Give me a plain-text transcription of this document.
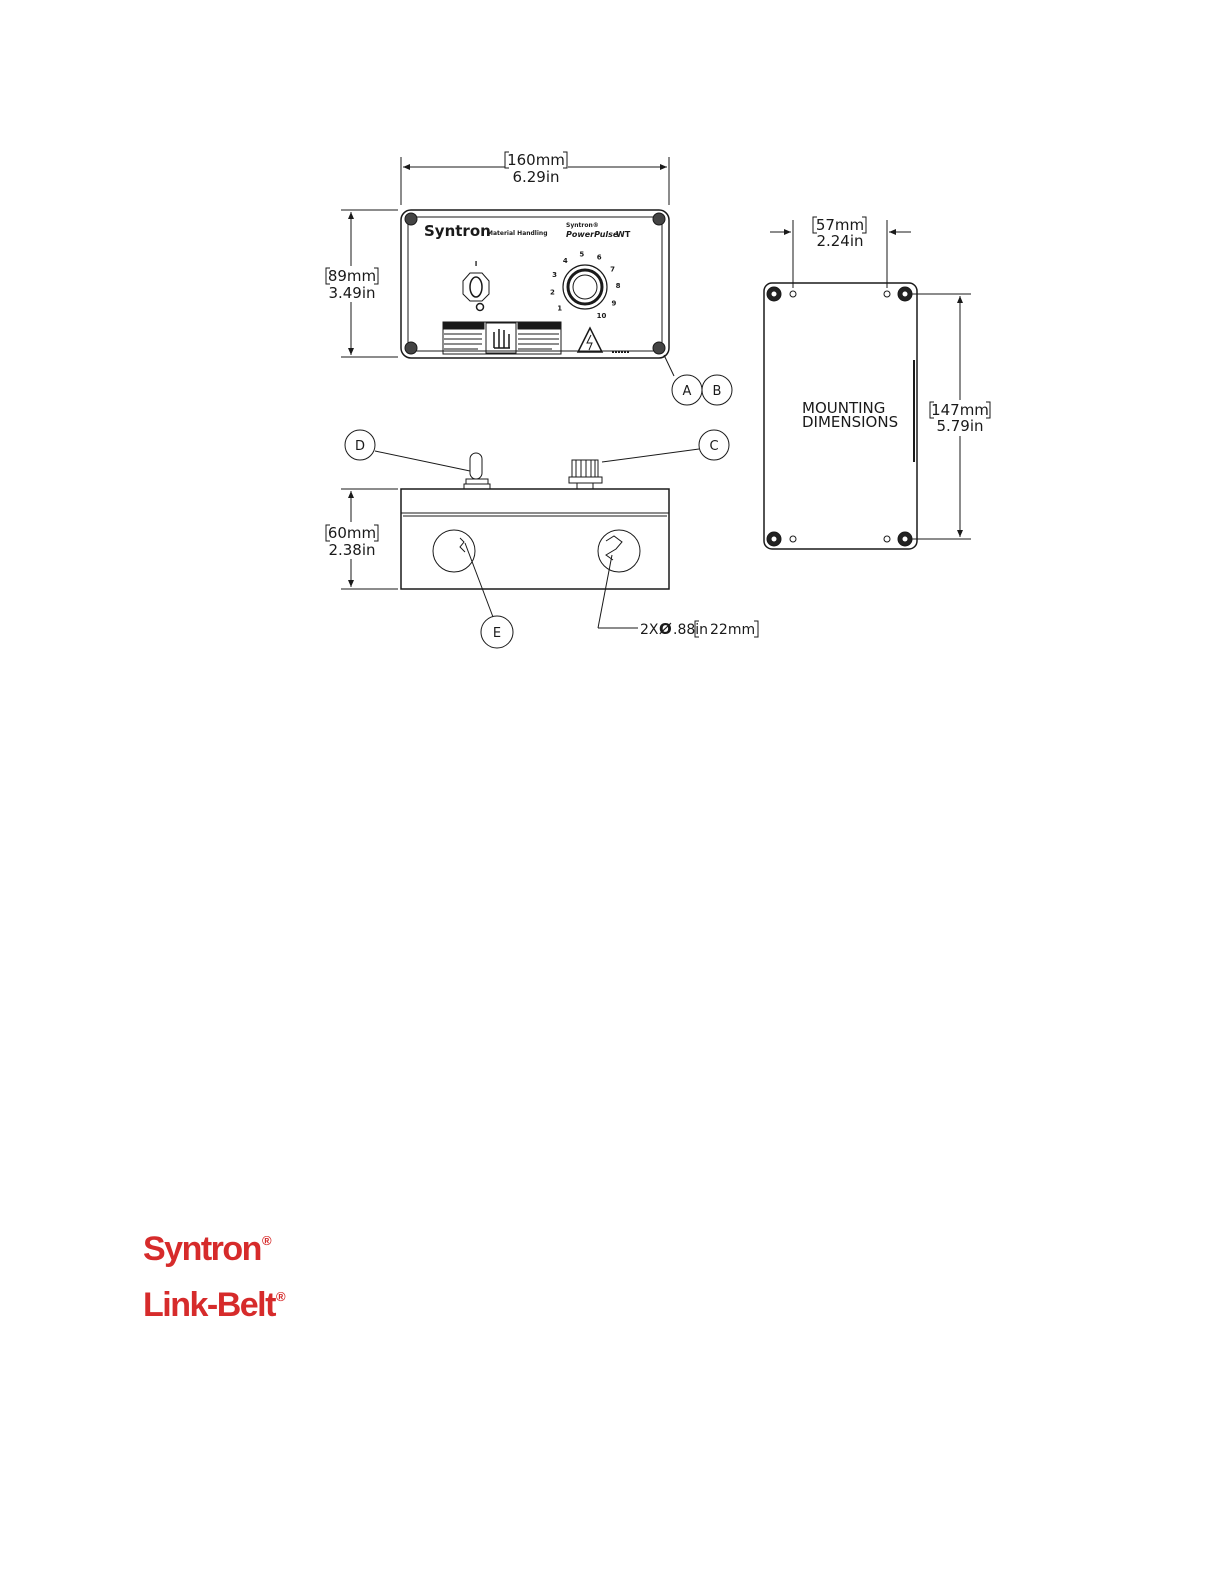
160mm
6.29in
89mm
3.49in
60mm
2.38in
57mm
2.24in
147mm
5.79in
MOUNTING
DIMENSIONS
2X Ø .88in 22mm
A B
C
D
E
Syntron
Material Handling
Syntron®
PowerPulse
WT
I
1
2
3
4
5 6
7
8
9
10
Syntron®
Link-Belt®
